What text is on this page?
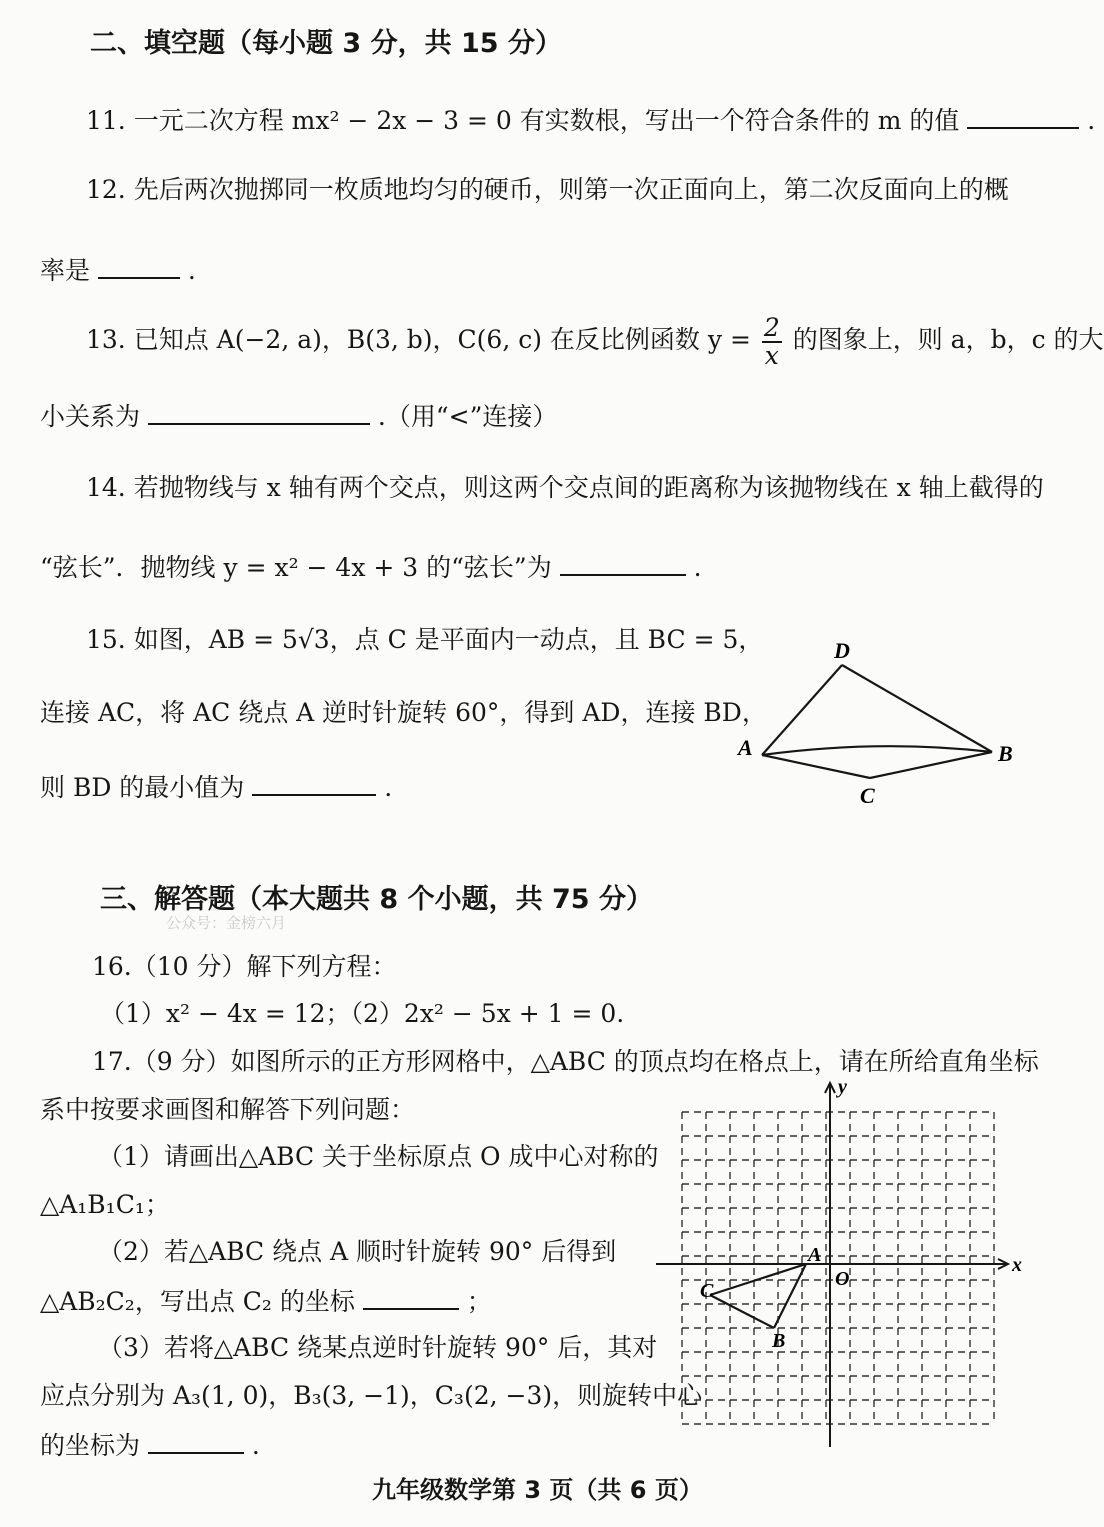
二、填空题（每小题 3 分，共 15 分）
11. 一元二次方程 mx² − 2x − 3 = 0 有实数根，写出一个符合条件的 m 的值	.
12. 先后两次抛掷同一枚质地均匀的硬币，则第一次正面向上，第二次反面向上的概
率是	.
13. 已知点 A(−2, a)，B(3, b)，C(6, c) 在反比例函数 $y = \frac{2}{x}$ 的图象上，则 a，b，c 的大
小关系为	.（用“<”连接）
14. 若抛物线与 x 轴有两个交点，则这两个交点间的距离称为该抛物线在 x 轴上截得的
“弦长”．抛物线 y = x² − 4x + 3 的“弦长”为	.
15. 如图，AB = 5√3，点 C 是平面内一动点，且 BC = 5，
连接 AC，将 AC 绕点 A 逆时针旋转 60°，得到 AD，连接 BD，
则 BD 的最小值为	.
A	B
C
D
三、解答题（本大题共 8 个小题，共 75 分）
公众号：金榜六月
16.（10 分）解下列方程：
（1）x² − 4x = 12；（2）2x² − 5x + 1 = 0.
17.（9 分）如图所示的正方形网格中，△ABC 的顶点均在格点上，请在所给直角坐标
系中按要求画图和解答下列问题：
（1）请画出△ABC 关于坐标原点 O 成中心对称的
△A₁B₁C₁；
（2）若△ABC 绕点 A 顺时针旋转 90° 后得到
△AB₂C₂，写出点 C₂ 的坐标	；
（3）若将△ABC 绕某点逆时针旋转 90° 后，其对
应点分别为 A₃(1, 0)，B₃(3, −1)，C₃(2, −3)，则旋转中心
的坐标为	.
x
y
O
A
B
C
九年级数学第 3 页（共 6 页）
